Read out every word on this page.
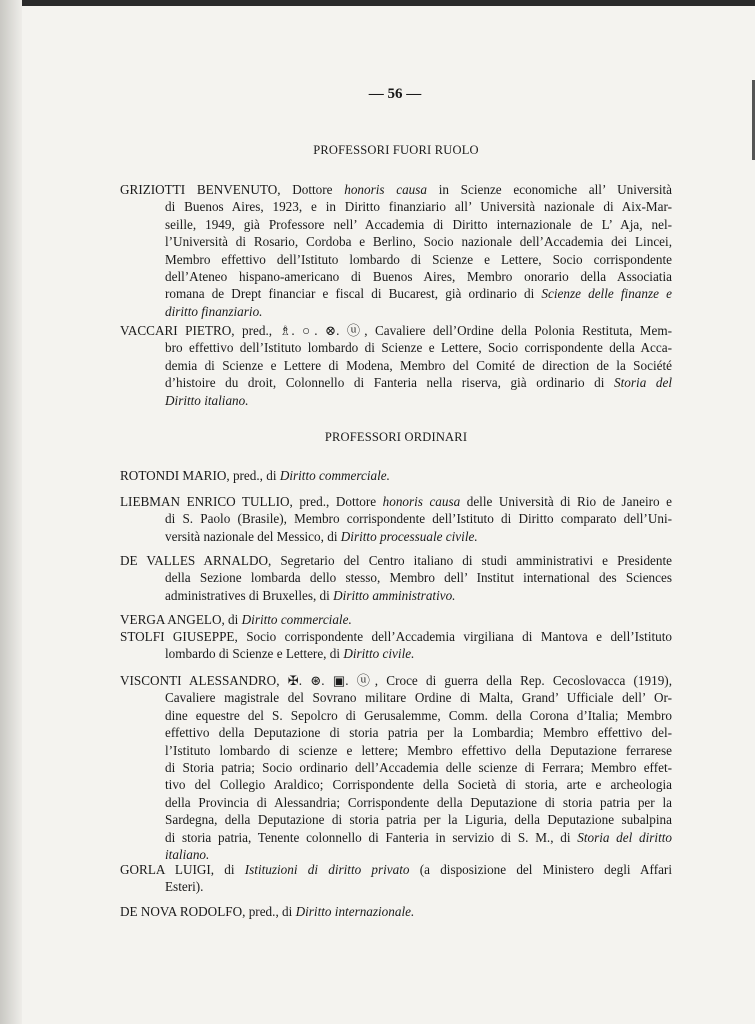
— 56 —
PROFESSORI FUORI RUOLO
PROFESSORI ORDINARI
GRIZIOTTI BENVENUTO, Dottore honoris causa in Scienze economiche all’ Università
di Buenos Aires, 1923, e in Diritto finanziario all’ Università nazionale di Aix-Mar-
seille, 1949, già Professore nell’ Accademia di Diritto internazionale de L’ Aja, nel-
l’Università di Rosario, Cordoba e Berlino, Socio nazionale dell’Accademia dei Lincei,
Membro effettivo dell’Istituto lombardo di Scienze e Lettere, Socio corrispondente
dell’Ateneo hispano-americano di Buenos Aires, Membro onorario della Associatia
romana de Drept financiar e fiscal di Bucarest, già ordinario di Scienze delle finanze e
diritto finanziario.
VACCARI PIETRO, pred., ♗. ○. ⊗. ⓤ, Cavaliere dell’Ordine della Polonia Restituta, Mem-
bro effettivo dell’Istituto lombardo di Scienze e Lettere, Socio corrispondente della Acca-
demia di Scienze e Lettere di Modena, Membro del Comité de direction de la Société
d’histoire du droit, Colonnello di Fanteria nella riserva, già ordinario di Storia del
Diritto italiano.
ROTONDI MARIO, pred., di Diritto commerciale.
LIEBMAN ENRICO TULLIO, pred., Dottore honoris causa delle Università di Rio de Janeiro e
di S. Paolo (Brasile), Membro corrispondente dell’Istituto di Diritto comparato dell’Uni-
versità nazionale del Messico, di Diritto processuale civile.
DE VALLES ARNALDO, Segretario del Centro italiano di studi amministrativi e Presidente
della Sezione lombarda dello stesso, Membro dell’ Institut international des Sciences
administratives di Bruxelles, di Diritto amministrativo.
VERGA ANGELO, di Diritto commerciale.
STOLFI GIUSEPPE, Socio corrispondente dell’Accademia virgiliana di Mantova e dell’Istituto
lombardo di Scienze e Lettere, di Diritto civile.
VISCONTI ALESSANDRO, ✠. ⊛. ▣. ⓤ, Croce di guerra della Rep. Cecoslovacca (1919),
Cavaliere magistrale del Sovrano militare Ordine di Malta, Grand’ Ufficiale dell’ Or-
dine equestre del S. Sepolcro di Gerusalemme, Comm. della Corona d’Italia; Membro
effettivo della Deputazione di storia patria per la Lombardia; Membro effettivo del-
l’Istituto lombardo di scienze e lettere; Membro effettivo della Deputazione ferrarese
di Storia patria; Socio ordinario dell’Accademia delle scienze di Ferrara; Membro effet-
tivo del Collegio Araldico; Corrispondente della Società di storia, arte e archeologia
della Provincia di Alessandria; Corrispondente della Deputazione di storia patria per la
Sardegna, della Deputazione di storia patria per la Liguria, della Deputazione subalpina
di storia patria, Tenente colonnello di Fanteria in servizio di S. M., di Storia del diritto
italiano.
GORLA LUIGI, di Istituzioni di diritto privato (a disposizione del Ministero degli Affari
Esteri).
DE NOVA RODOLFO, pred., di Diritto internazionale.
